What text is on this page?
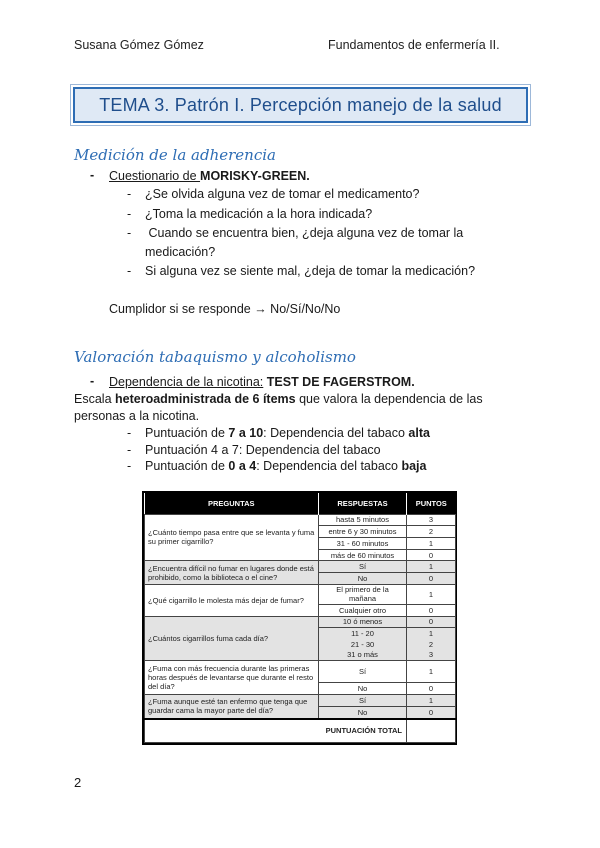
Susana Gómez Gómez	Fundamentos de enfermería II.
TEMA 3. Patrón I. Percepción manejo de la salud
Medición de la adherencia
- Cuestionario de MORISKY-GREEN.
- ¿Se olvida alguna vez de tomar el medicamento?
- ¿Toma la medicación a la hora indicada?
- Cuando se encuentra bien, ¿deja alguna vez de tomar la
medicación?
- Si alguna vez se siente mal, ¿deja de tomar la medicación?
Cumplidor si se responde → No/Sí/No/No
Valoración tabaquismo y alcoholismo
- Dependencia de la nicotina: TEST DE FAGERSTROM.
Escala heteroadministrada de 6 ítems que valora la dependencia de las
personas a la nicotina.
- Puntuación de 7 a 10: Dependencia del tabaco alta
- Puntuación 4 a 7: Dependencia del tabaco
- Puntuación de 0 a 4: Dependencia del tabaco baja
PREGUNTAS	RESPUESTAS	PUNTOS
¿Cuánto tiempo pasa entre que se levanta y fuma su primer cigarrillo?	hasta 5 minutos	3
	entre 6 y 30 minutos	2
	31 - 60 minutos	1
	más de 60 minutos	0
¿Encuentra difícil no fumar en lugares donde está prohibido, como la biblioteca o el cine?	Sí	1
	No	0
¿Qué cigarrillo le molesta más dejar de fumar?	El primero de la mañana	1
	Cualquier otro	0
¿Cuántos cigarrillos fuma cada día?	10 ó menos	0
	11 - 20	1
	21 - 30	2
	31 o más	3
¿Fuma con más frecuencia durante las primeras horas después de levantarse que durante el resto del día?	Sí	1
	No	0
¿Fuma aunque esté tan enfermo que tenga que guardar cama la mayor parte del día?	Sí	1
	No	0
PUNTUACIÓN TOTAL		
2
